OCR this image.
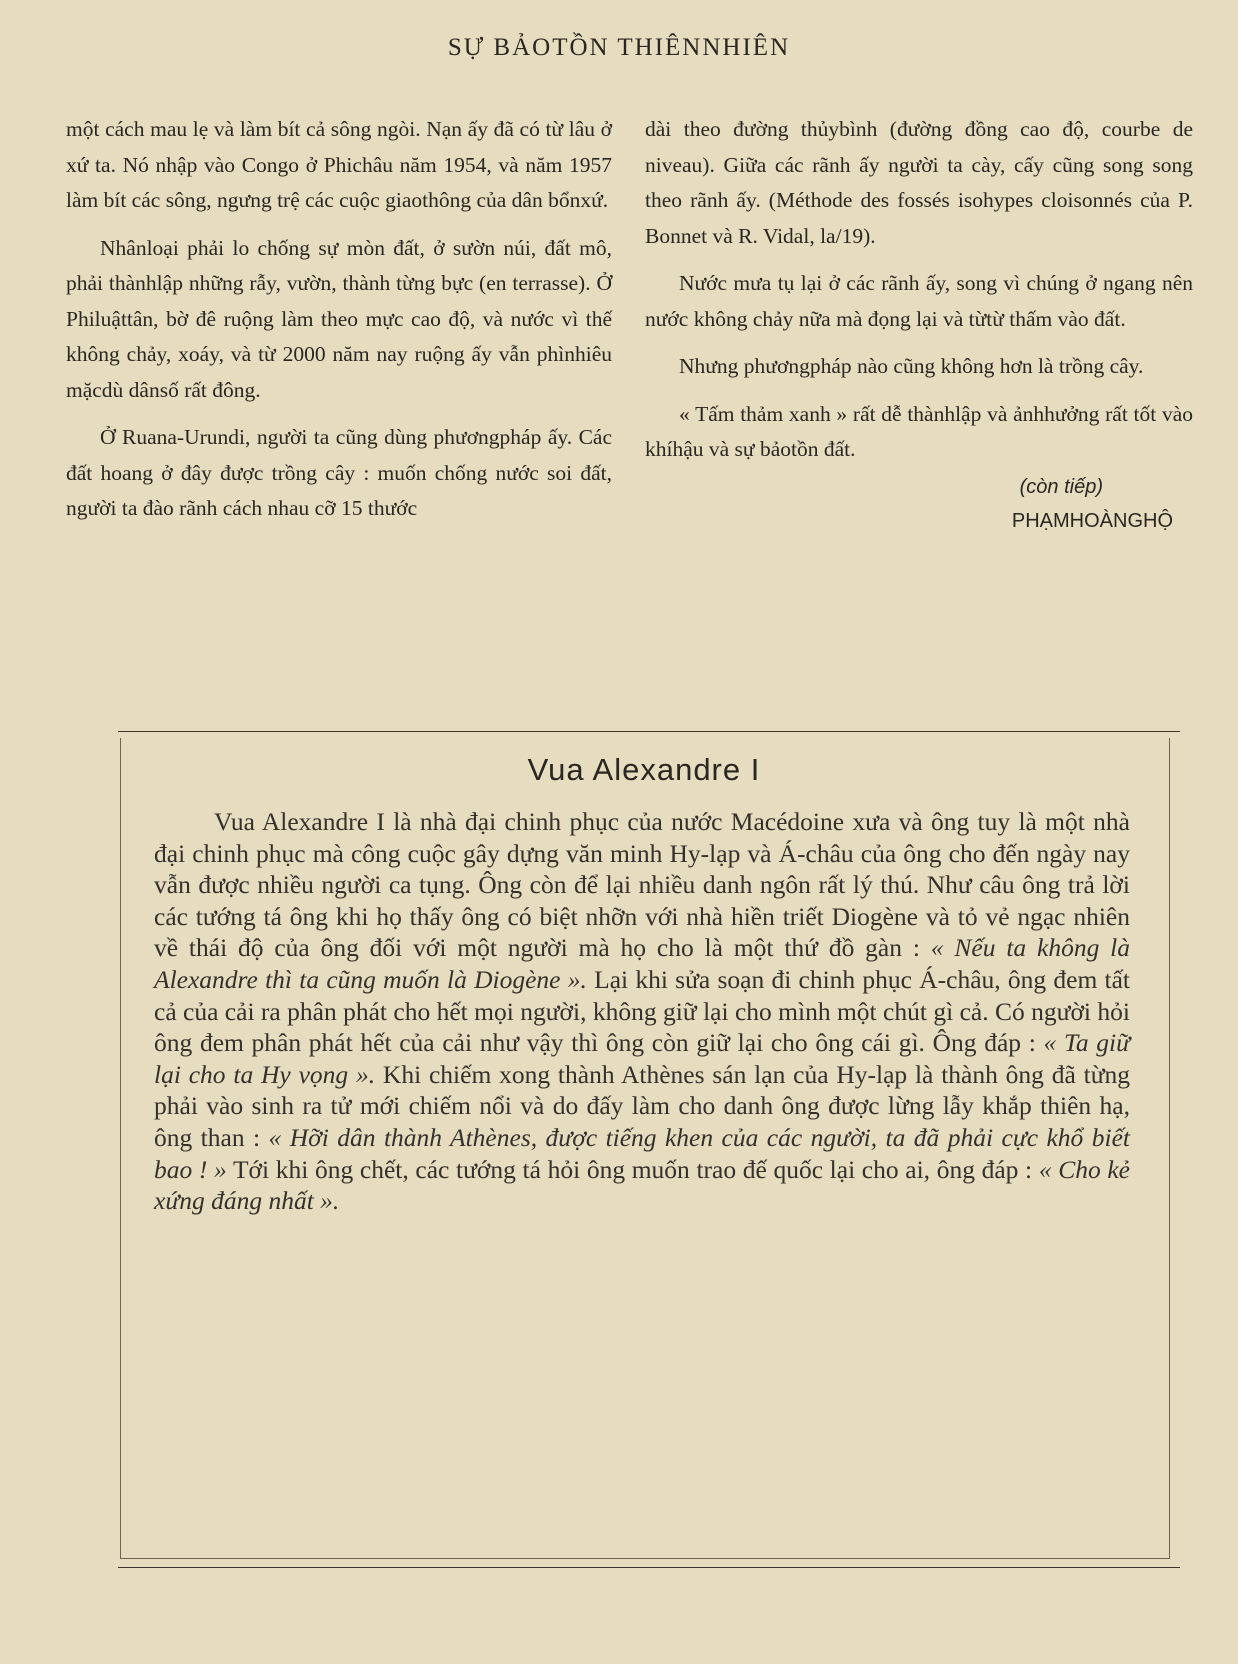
SỰ BẢOTỒN THIÊNNHIÊN

một cách mau lẹ và làm bít cả sông ngòi. Nạn ấy đã có từ lâu ở xứ ta. Nó nhập vào Congo ở Phichâu năm 1954, và năm 1957 làm bít các sông, ngưng trệ các cuộc giaothông của dân bổnxứ.

Nhânloại phải lo chống sự mòn đất, ở sườn núi, đất mô, phải thànhlập những rẫy, vườn, thành từng bực (en terrasse). Ở Philuậttân, bờ đê ruộng làm theo mực cao độ, và nước vì thế không chảy, xoáy, và từ 2000 năm nay ruộng ấy vẫn phìnhiêu mặcdù dânsố rất đông.

Ở Ruana-Urundi, người ta cũng dùng phươngpháp ấy. Các đất hoang ở đây được trồng cây : muốn chống nước soi đất, người ta đào rãnh cách nhau cỡ 15 thước

dài theo đường thủybình (đường đồng cao độ, courbe de niveau). Giữa các rãnh ấy người ta cày, cấy cũng song song theo rãnh ấy. (Méthode des fossés isohypes cloisonnés của P. Bonnet và R. Vidal, la/19).

Nước mưa tụ lại ở các rãnh ấy, song vì chúng ở ngang nên nước không chảy nữa mà đọng lại và từtừ thấm vào đất.

Nhưng phươngpháp nào cũng không hơn là trồng cây.

« Tấm thảm xanh » rất dễ thànhlập và ảnhhưởng rất tốt vào khíhậu và sự bảotồn đất.

(còn tiếp)
PHẠMHOÀNGHỘ
Vua Alexandre I

Vua Alexandre I là nhà đại chinh phục của nước Macédoine xưa và ông tuy là một nhà đại chinh phục mà công cuộc gây dựng văn minh Hy-lạp và Á-châu của ông cho đến ngày nay vẫn được nhiều người ca tụng. Ông còn để lại nhiều danh ngôn rất lý thú. Như câu ông trả lời các tướng tá ông khi họ thấy ông có biệt nhỡn với nhà hiền triết Diogène và tỏ vẻ ngạc nhiên về thái độ của ông đối với một người mà họ cho là một thứ đồ gàn : « Nếu ta không là Alexandre thì ta cũng muốn là Diogène ». Lại khi sửa soạn đi chinh phục Á-châu, ông đem tất cả của cải ra phân phát cho hết mọi người, không giữ lại cho mình một chút gì cả. Có người hỏi ông đem phân phát hết của cải như vậy thì ông còn giữ lại cho ông cái gì. Ông đáp : « Ta giữ lại cho ta Hy vọng ». Khi chiếm xong thành Athènes sán lạn của Hy-lạp là thành ông đã từng phải vào sinh ra tử mới chiếm nổi và do đấy làm cho danh ông được lừng lẫy khắp thiên hạ, ông than : « Hỡi dân thành Athènes, được tiếng khen của các người, ta đã phải cực khổ biết bao ! » Tới khi ông chết, các tướng tá hỏi ông muốn trao đế quốc lại cho ai, ông đáp : « Cho kẻ xứng đáng nhất ».
